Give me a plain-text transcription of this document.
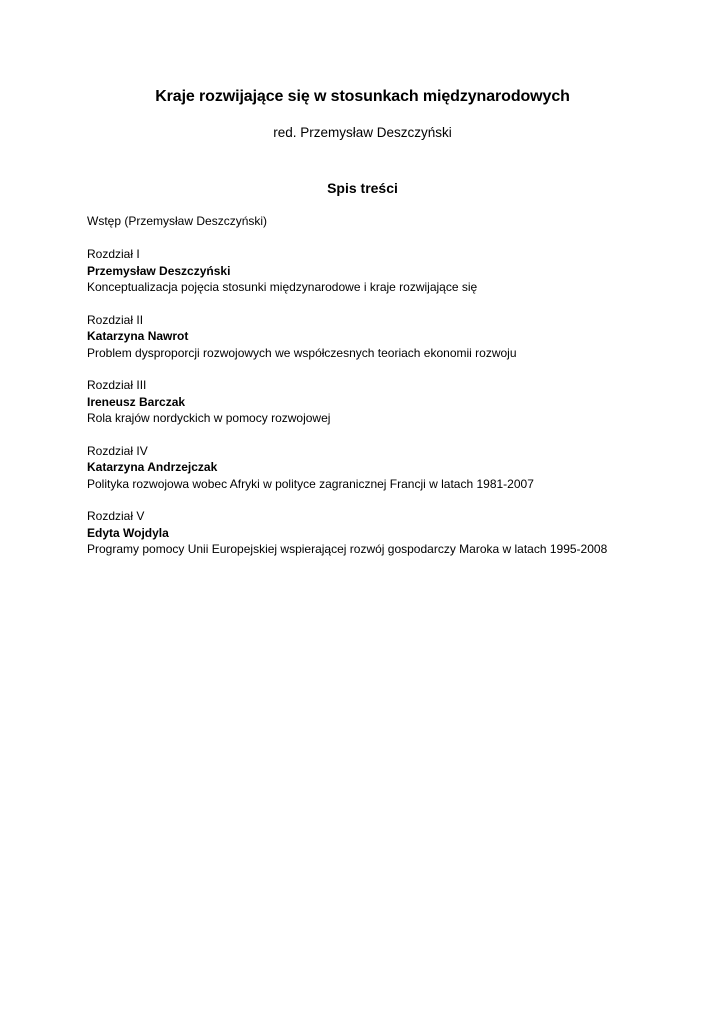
Kraje rozwijające się w stosunkach międzynarodowych
red. Przemysław Deszczyński
Spis treści
Wstęp (Przemysław Deszczyński)
Rozdział I
Przemysław Deszczyński
Konceptualizacja pojęcia stosunki międzynarodowe i kraje rozwijające się
Rozdział II
Katarzyna Nawrot
Problem dysproporcji rozwojowych we współczesnych teoriach ekonomii rozwoju
Rozdział III
Ireneusz Barczak
Rola krajów nordyckich w pomocy rozwojowej
Rozdział IV
Katarzyna Andrzejczak
Polityka rozwojowa wobec Afryki w polityce zagranicznej Francji w latach 1981-2007
Rozdział V
Edyta Wojdyla
Programy pomocy Unii Europejskiej wspierającej rozwój gospodarczy Maroka w latach 1995-2008
